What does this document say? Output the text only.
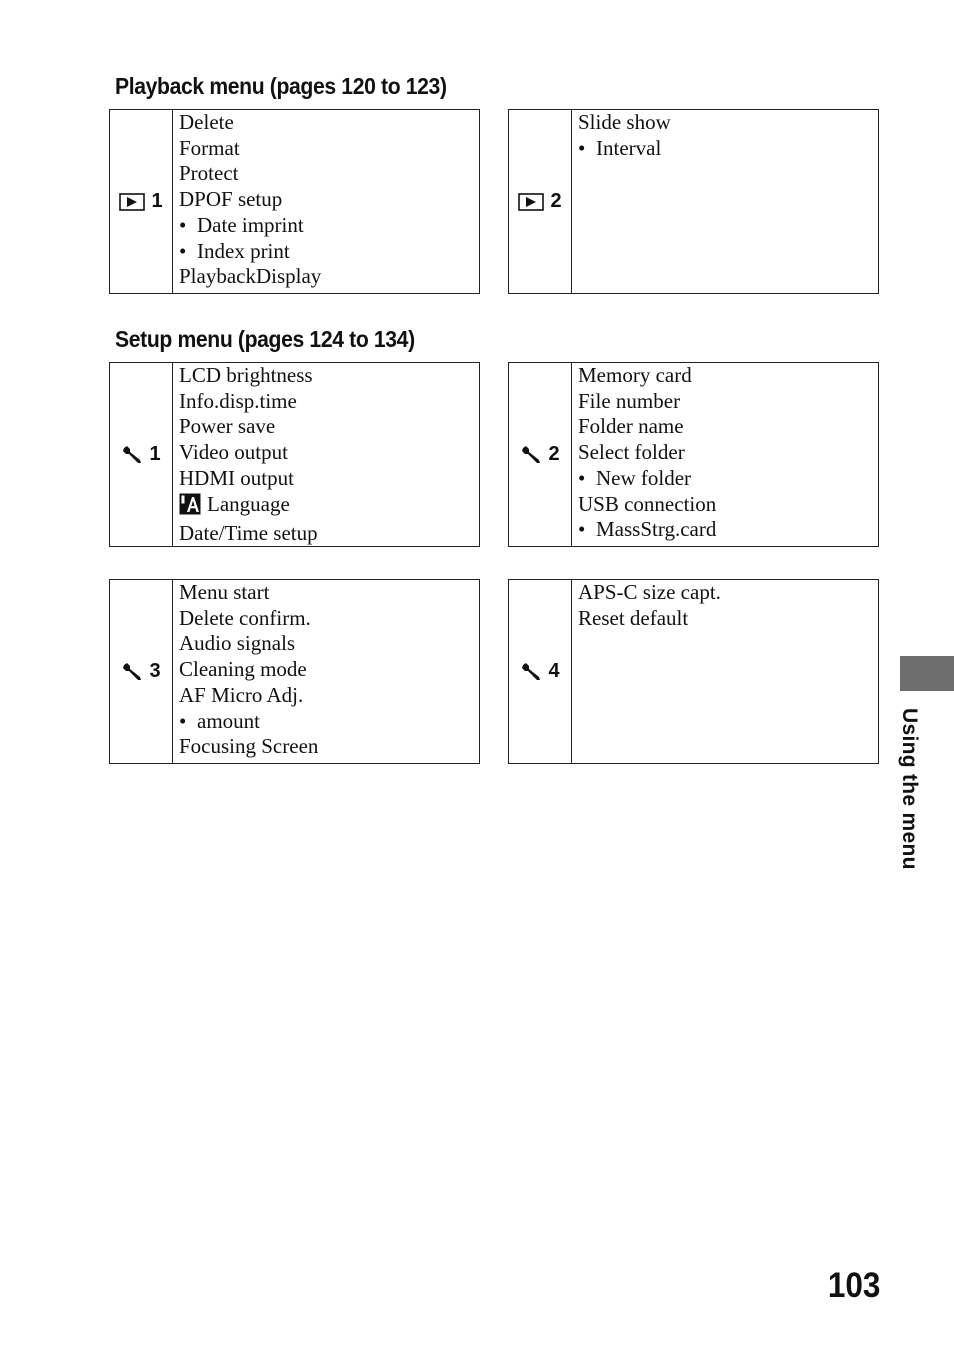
Playback menu (pages 120 to 123)
1
Delete
Format
Protect
DPOF setup
• Date imprint
• Index print
PlaybackDisplay
2
Slide show
• Interval
Setup menu (pages 124 to 134)
1
LCD brightness
Info.disp.time
Power save
Video output
HDMI output
Language
Date/Time setup
2
Memory card
File number
Folder name
Select folder
• New folder
USB connection
• MassStrg.card
3
Menu start
Delete confirm.
Audio signals
Cleaning mode
AF Micro Adj.
• amount
Focusing Screen
4
APS-C size capt.
Reset default
Using the menu
103
